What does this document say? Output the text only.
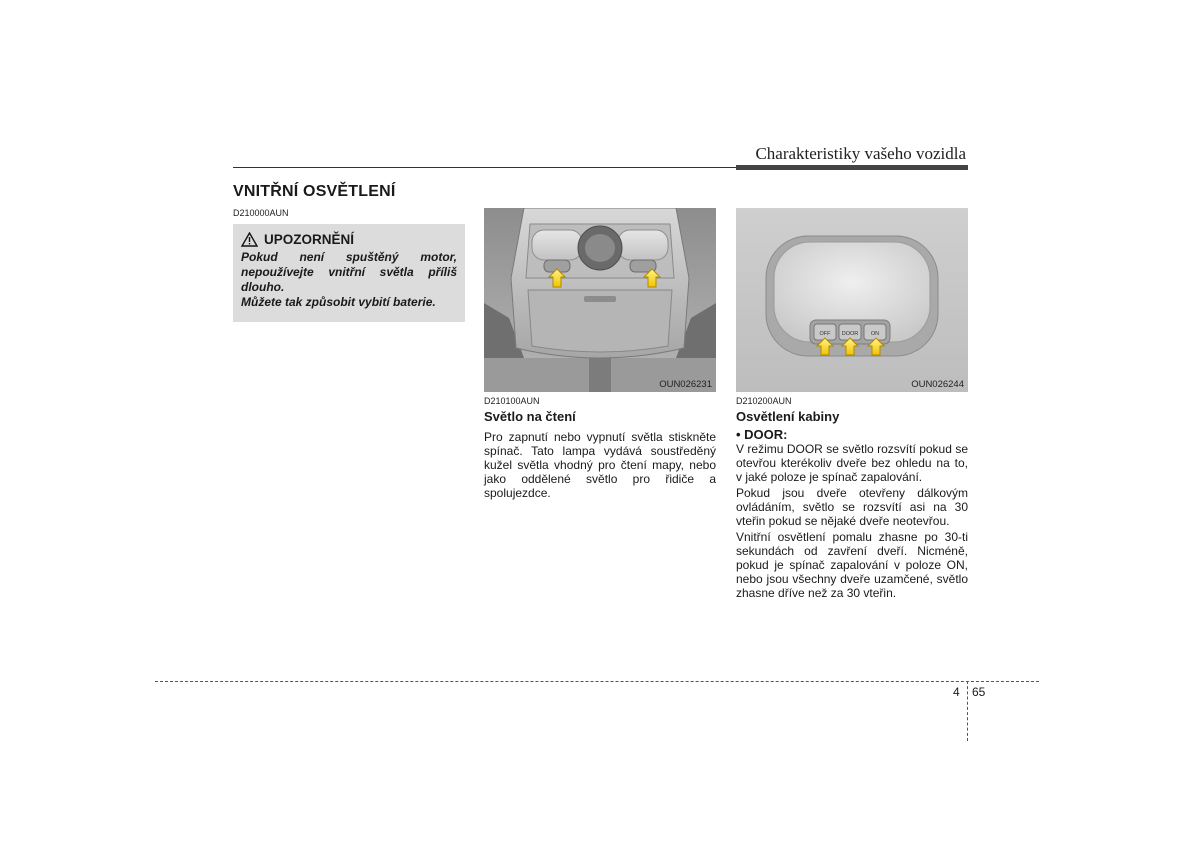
Charakteristiky vašeho vozidla
VNITŘNÍ OSVĚTLENÍ
D210000AUN
UPOZORNĚNÍ
Pokud není spuštěný motor,
nepoužívejte vnitřní světla příliš
dlouho.
Můžete tak způsobit vybití baterie.
OUN026231
OFF DOOR ON
OUN026244
D210100AUN
Světlo na čtení
Pro zapnutí nebo vypnutí světla stiskněte spínač. Tato lampa vydává soustředěný kužel světla vhodný pro čtení mapy, nebo jako oddělené světlo pro řidiče a spolujezdce.
D210200AUN
Osvětlení kabiny
• DOOR:

V režimu DOOR se světlo rozsvítí pokud se otevřou kterékoliv dveře bez ohledu na to, v jaké poloze je spínač zapalování.

Pokud jsou dveře otevřeny dálkovým ovládáním, světlo se rozsvítí asi na 30 vteřin pokud se nějaké dveře neotevřou.

Vnitřní osvětlení pomalu zhasne po 30-ti sekundách od zavření dveří. Nicméně, pokud je spínač zapalování v poloze ON, nebo jsou všechny dveře uzamčené, světlo zhasne dříve než za 30 vteřin.

4 65
